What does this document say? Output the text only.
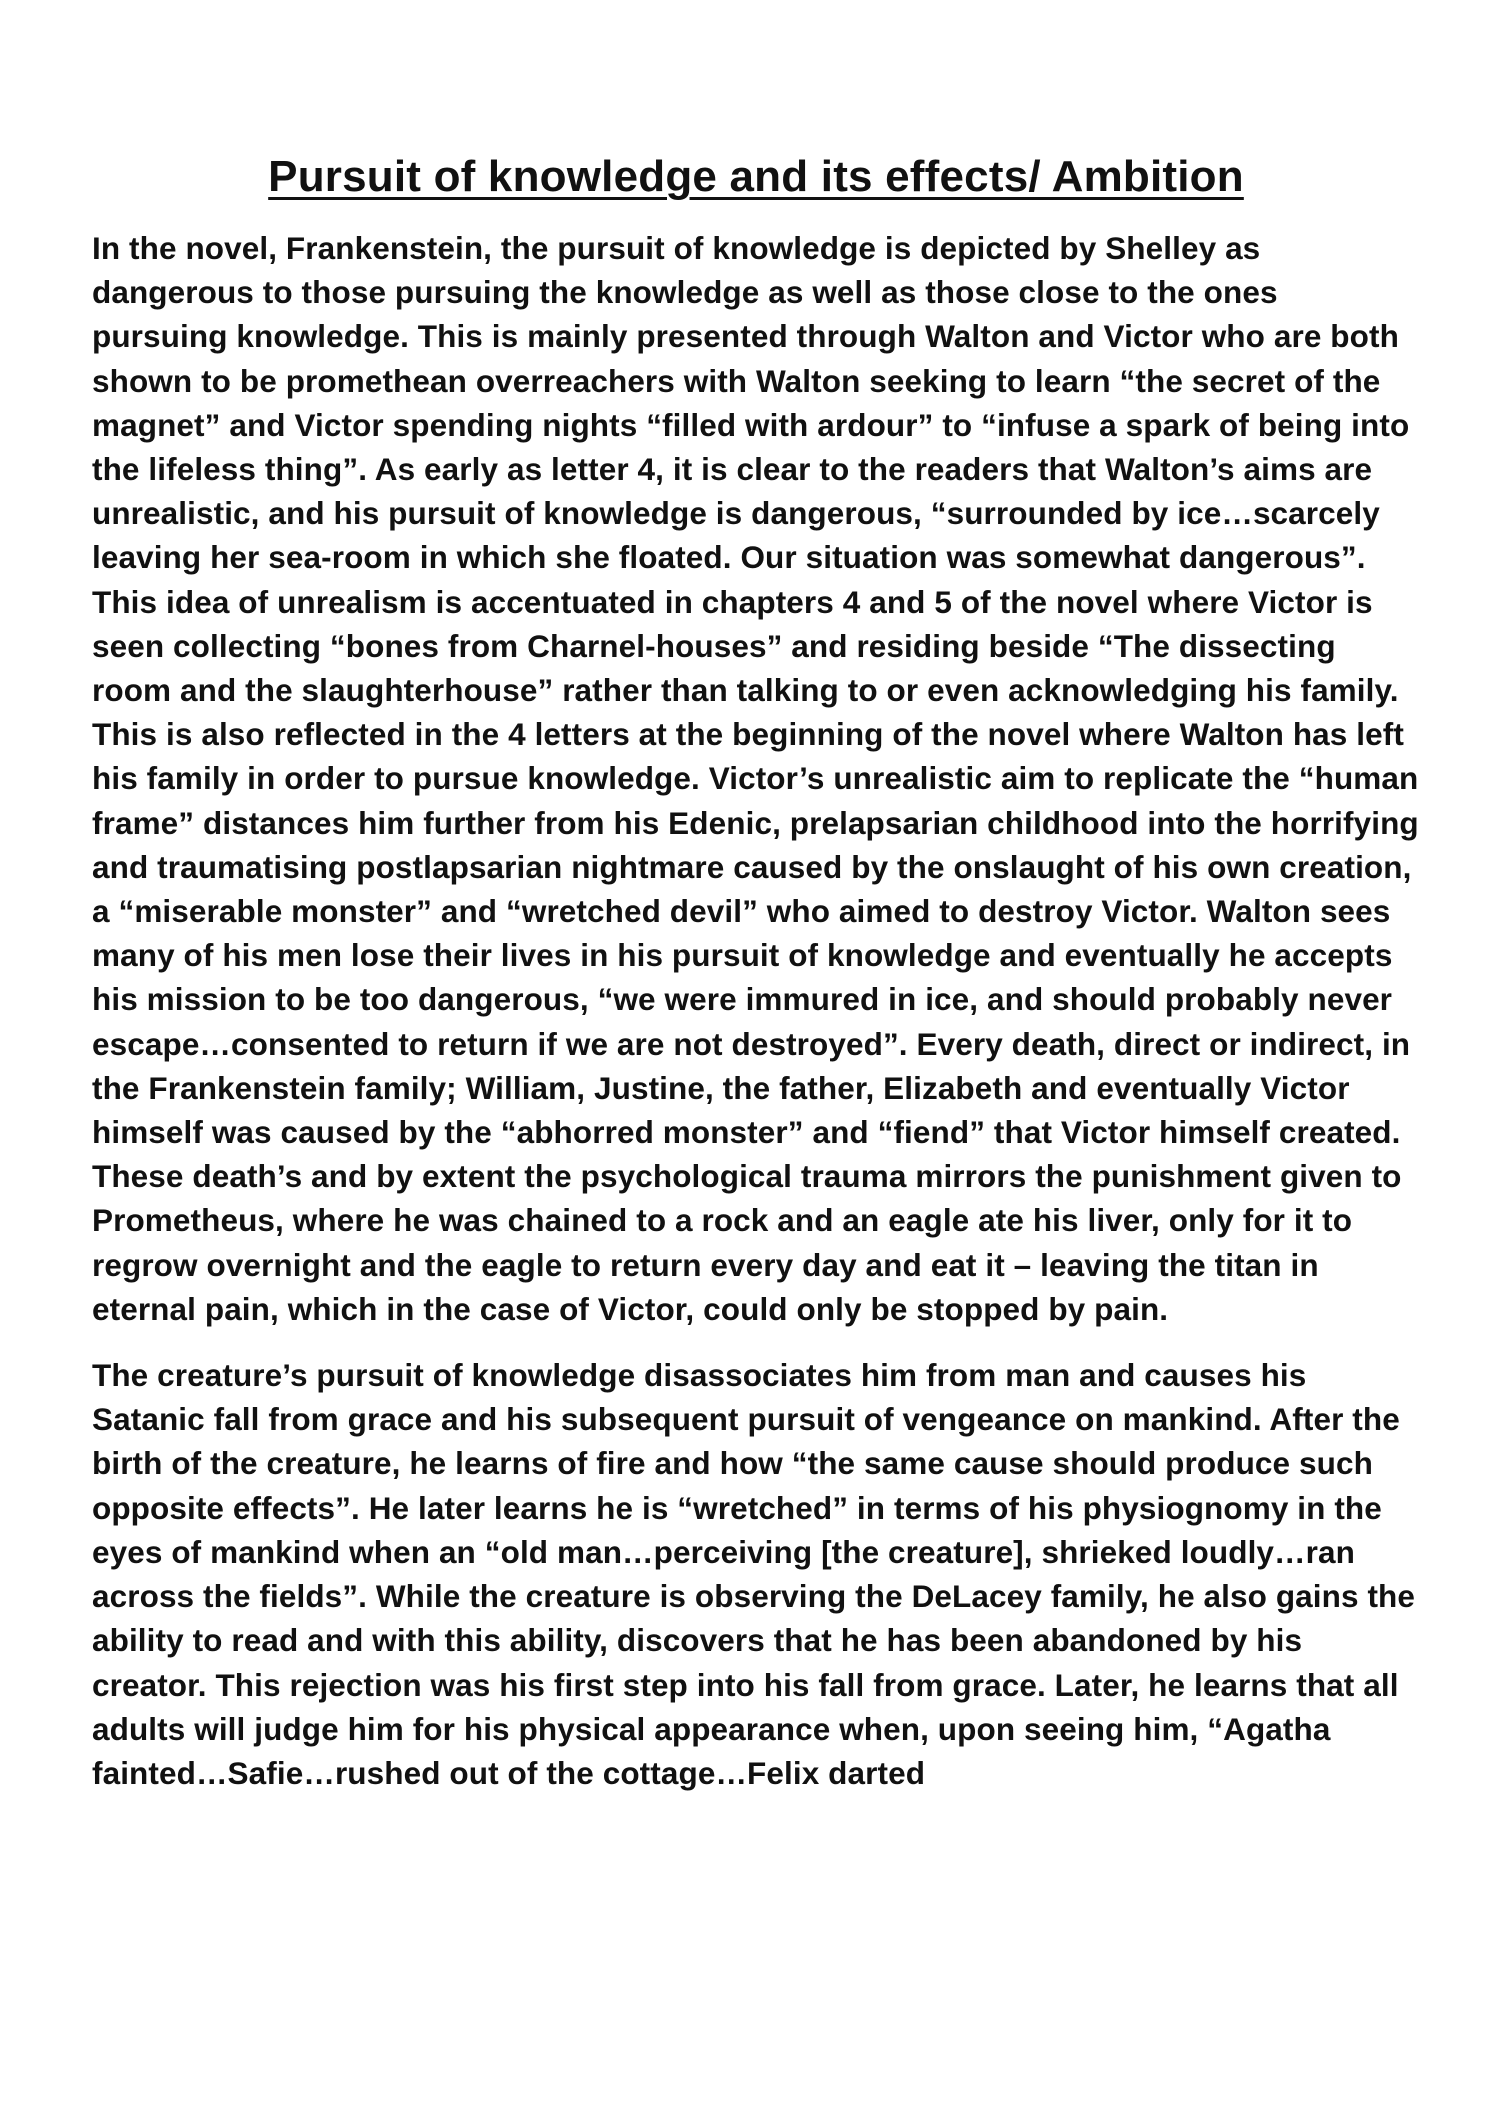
Pursuit of knowledge and its effects/ Ambition

In the novel, Frankenstein, the pursuit of knowledge is depicted by Shelley as dangerous to those pursuing the knowledge as well as those close to the ones pursuing knowledge. This is mainly presented through Walton and Victor who are both shown to be promethean overreachers with Walton seeking to learn “the secret of the magnet” and Victor spending nights “filled with ardour” to “infuse a spark of being into the lifeless thing”. As early as letter 4, it is clear to the readers that Walton’s aims are unrealistic, and his pursuit of knowledge is dangerous, “surrounded by ice…scarcely leaving her sea-room in which she floated. Our situation was somewhat dangerous”. This idea of unrealism is accentuated in chapters 4 and 5 of the novel where Victor is seen collecting “bones from Charnel-houses” and residing beside “The dissecting room and the slaughterhouse” rather than talking to or even acknowledging his family. This is also reflected in the 4 letters at the beginning of the novel where Walton has left his family in order to pursue knowledge. Victor’s unrealistic aim to replicate the “human frame” distances him further from his Edenic, prelapsarian childhood into the horrifying and traumatising postlapsarian nightmare caused by the onslaught of his own creation, a “miserable monster” and “wretched devil” who aimed to destroy Victor. Walton sees many of his men lose their lives in his pursuit of knowledge and eventually he accepts his mission to be too dangerous, “we were immured in ice, and should probably never escape…consented to return if we are not destroyed”. Every death, direct or indirect, in the Frankenstein family; William, Justine, the father, Elizabeth and eventually Victor himself was caused by the “abhorred monster” and “fiend” that Victor himself created. These death’s and by extent the psychological trauma mirrors the punishment given to Prometheus, where he was chained to a rock and an eagle ate his liver, only for it to regrow overnight and the eagle to return every day and eat it – leaving the titan in eternal pain, which in the case of Victor, could only be stopped by pain.

The creature’s pursuit of knowledge disassociates him from man and causes his Satanic fall from grace and his subsequent pursuit of vengeance on mankind. After the birth of the creature, he learns of fire and how “the same cause should produce such opposite effects”. He later learns he is “wretched” in terms of his physiognomy in the eyes of mankind when an “old man…perceiving [the creature], shrieked loudly…ran across the fields”. While the creature is observing the DeLacey family, he also gains the ability to read and with this ability, discovers that he has been abandoned by his creator. This rejection was his first step into his fall from grace. Later, he learns that all adults will judge him for his physical appearance when, upon seeing him, “Agatha fainted…Safie…rushed out of the cottage…Felix darted
